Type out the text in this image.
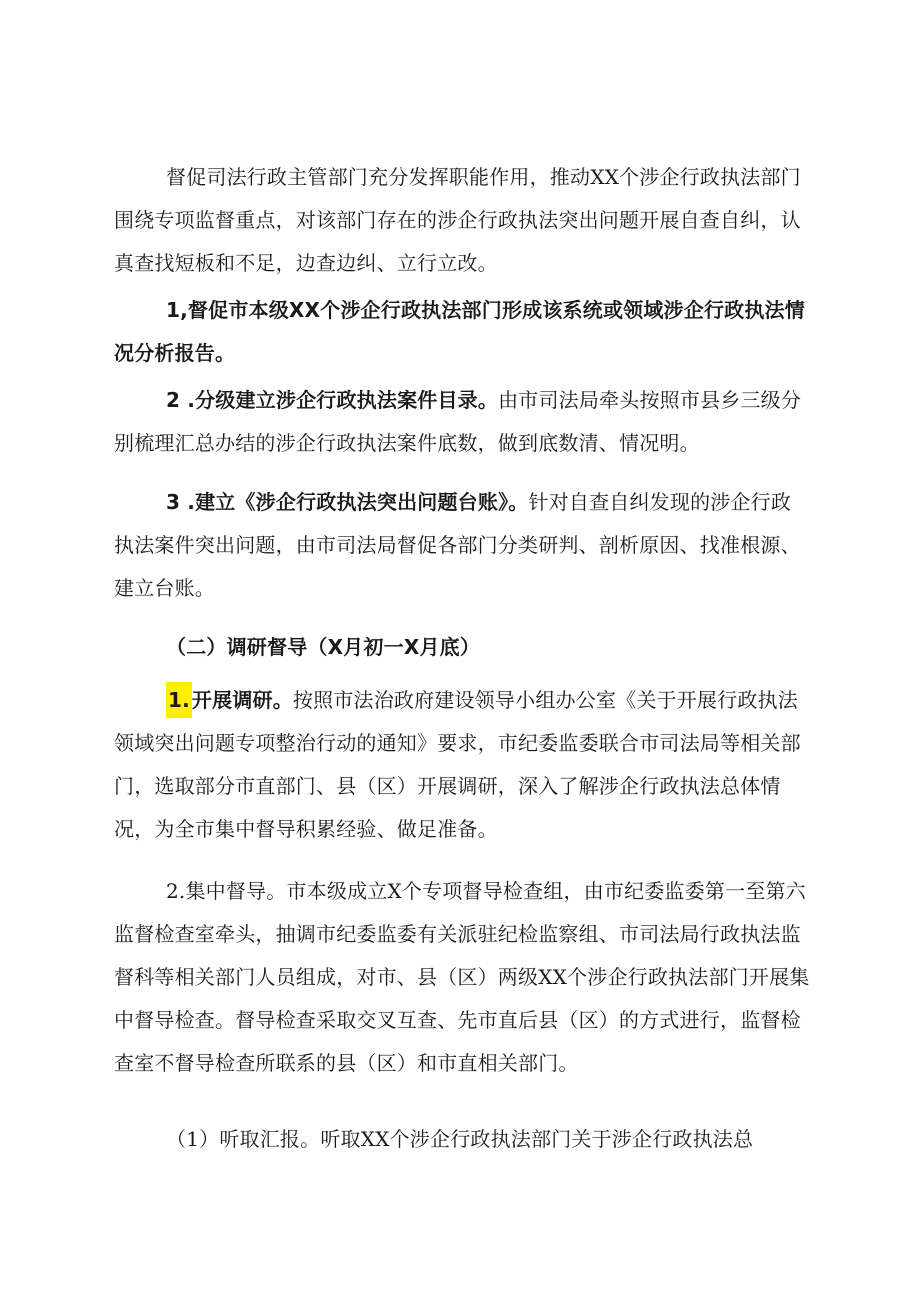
督促司法行政主管部门充分发挥职能作用，推动XX个涉企行政执法部门围绕专项监督重点，对该部门存在的涉企行政执法突出问题开展自查自纠，认真查找短板和不足，边查边纠、立行立改。

1,督促市本级XX个涉企行政执法部门形成该系统或领域涉企行政执法情况分析报告。

2 .分级建立涉企行政执法案件目录。由市司法局牵头按照市县乡三级分别梳理汇总办结的涉企行政执法案件底数，做到底数清、情况明。

3 .建立《涉企行政执法突出问题台账》。针对自查自纠发现的涉企行政执法案件突出问题，由市司法局督促各部门分类研判、剖析原因、找准根源、建立台账。

（二）调研督导（X月初一X月底）

1. 开展调研。按照市法治政府建设领导小组办公室《关于开展行政执法领域突出问题专项整治行动的通知》要求，市纪委监委联合市司法局等相关部门，选取部分市直部门、县（区）开展调研，深入了解涉企行政执法总体情况，为全市集中督导积累经验、做足准备。

2.集中督导。市本级成立X个专项督导检查组，由市纪委监委第一至第六监督检查室牵头，抽调市纪委监委有关派驻纪检监察组、市司法局行政执法监督科等相关部门人员组成，对市、县（区）两级XX个涉企行政执法部门开展集中督导检查。督导检查采取交叉互查、先市直后县（区）的方式进行，监督检查室不督导检查所联系的县（区）和市直相关部门。

（1）听取汇报。听取XX个涉企行政执法部门关于涉企行政执法总
